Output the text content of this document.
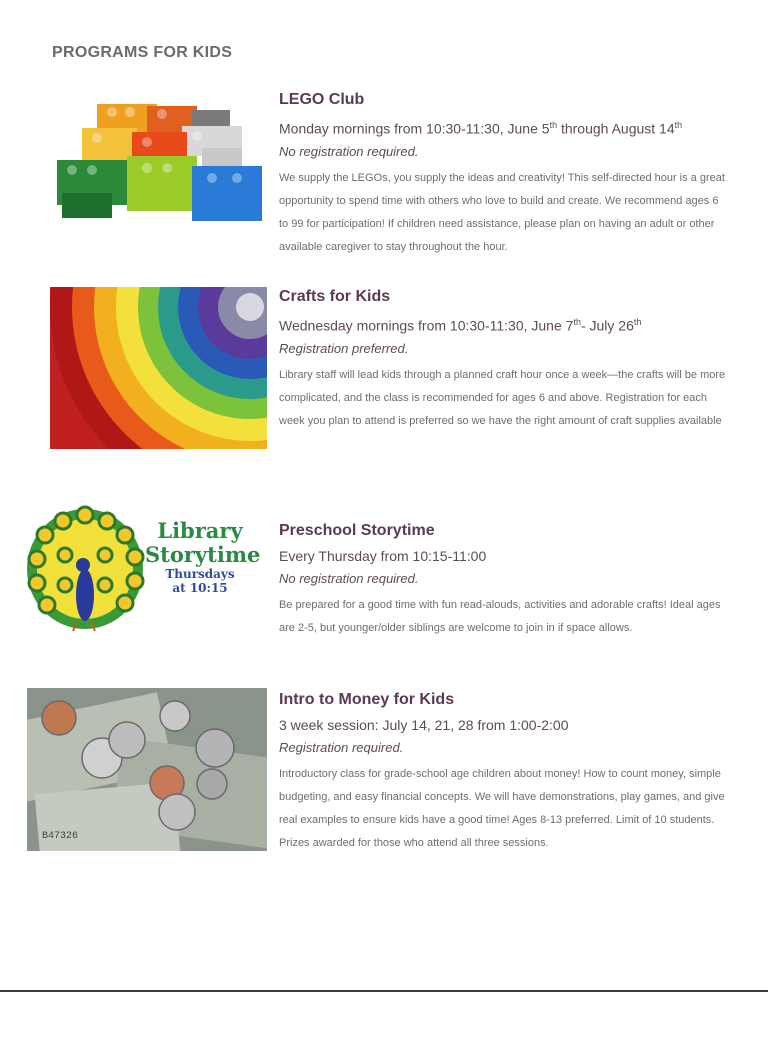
PROGRAMS FOR KIDS
LEGO Club
Monday mornings from 10:30-11:30, June 5th through August 14th
No registration required.
We supply the LEGOs, you supply the ideas and creativity! This self-directed hour is a great opportunity to spend time with others who love to build and create. We recommend ages 6 to 99 for participation! If children need assistance, please plan on having an adult or other available caregiver to stay throughout the hour.
Crafts for Kids
Wednesday mornings from 10:30-11:30, June 7th- July 26th
Registration preferred.
Library staff will lead kids through a planned craft hour once a week—the crafts will be more complicated, and the class is recommended for ages 6 and above. Registration for each week you plan to attend is preferred so we have the right amount of craft supplies available
Library
Storytime
Thursdays
at 10:15
Preschool Storytime
Every Thursday from 10:15-11:00
No registration required.
Be prepared for a good time with fun read-alouds, activities and adorable crafts! Ideal ages are 2-5, but younger/older siblings are welcome to join in if space allows.
B47326
Intro to Money for Kids
3 week session: July 14, 21, 28 from 1:00-2:00
Registration required.
Introductory class for grade-school age children about money! How to count money, simple budgeting, and easy financial concepts. We will have demonstrations, play games, and give real examples to ensure kids have a good time! Ages 8-13 preferred. Limit of 10 students. Prizes awarded for those who attend all three sessions.
